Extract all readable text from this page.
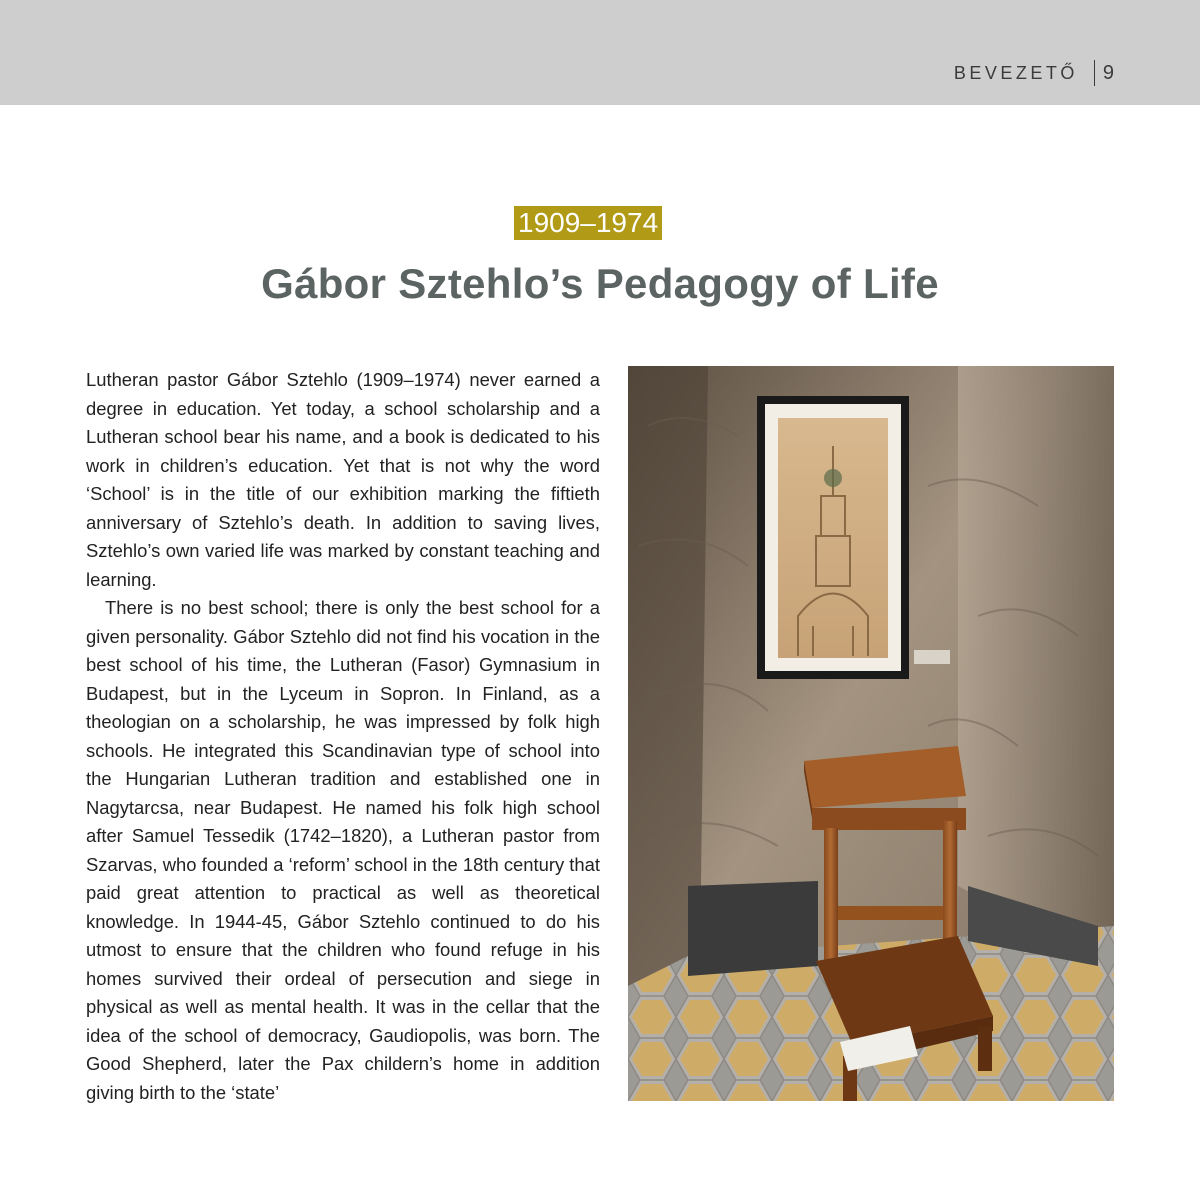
BEVEZETŐ 9
1909–1974
Gábor Sztehlo’s Pedagogy of Life

Lutheran pastor Gábor Sztehlo (1909–1974) never earned a degree in education. Yet today, a school scholarship and a Lutheran school bear his name, and a book is dedicated to his work in children’s education. Yet that is not why the word ‘School’ is in the title of our exhibition marking the fiftieth anniversary of Sztehlo’s death. In addition to saving lives, Sztehlo’s own varied life was marked by constant teaching and learning.

There is no best school; there is only the best school for a given personality. Gábor Sztehlo did not find his vocation in the best school of his time, the Lutheran (Fasor) Gymnasium in Budapest, but in the Lyceum in Sopron. In Finland, as a theologian on a scholarship, he was impressed by folk high schools. He integrated this Scandinavian type of school into the Hungarian Lutheran tradition and established one in Nagytarcsa, near Budapest. He named his folk high school after Samuel Tessedik (1742–1820), a Lutheran pastor from Szarvas, who founded a ‘reform’ school in the 18th century that paid great attention to practical as well as theoretical knowledge. In 1944-45, Gábor Sztehlo continued to do his utmost to ensure that the children who found refuge in his homes survived their ordeal of persecution and siege in physical as well as mental health. It was in the cellar that the idea of the school of democracy, Gaudiopolis, was born. The Good Shepherd, later the Pax childern’s home in addition giving birth to the ‘state’
